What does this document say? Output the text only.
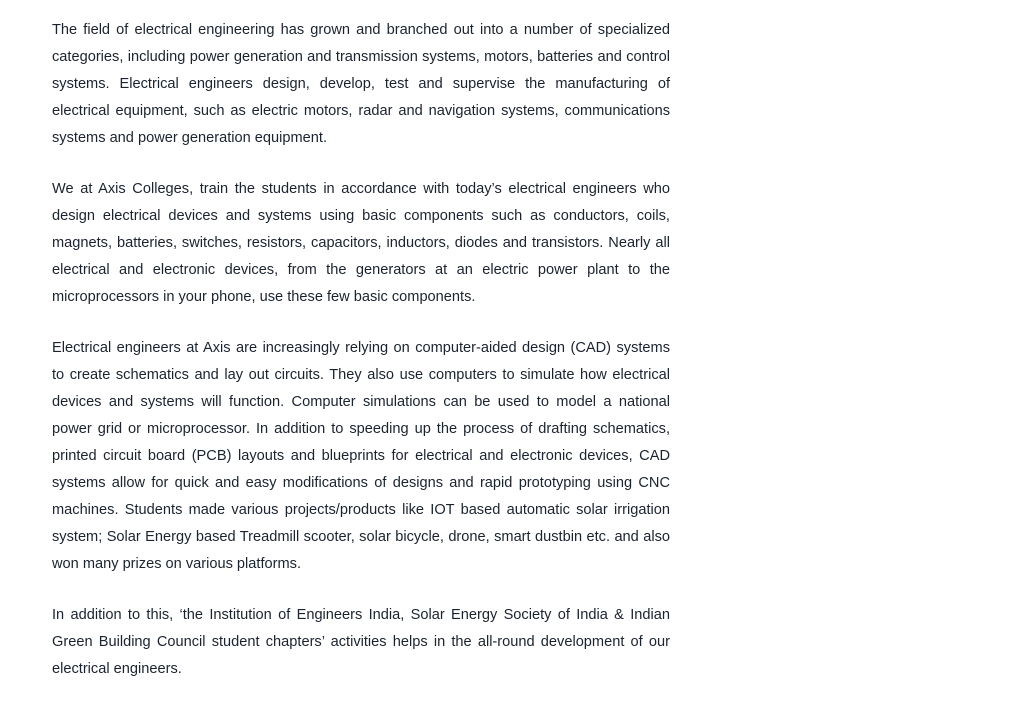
The field of electrical engineering has grown and branched out into a number of specialized categories, including power generation and transmission systems, motors, batteries and control systems. Electrical engineers design, develop, test and supervise the manufacturing of electrical equipment, such as electric motors, radar and navigation systems, communications systems and power generation equipment.

We at Axis Colleges, train the students in accordance with today’s electrical engineers who design electrical devices and systems using basic components such as conductors, coils, magnets, batteries, switches, resistors, capacitors, inductors, diodes and transistors. Nearly all electrical and electronic devices, from the generators at an electric power plant to the microprocessors in your phone, use these few basic components.

Electrical engineers at Axis are increasingly relying on computer-aided design (CAD) systems to create schematics and lay out circuits. They also use computers to simulate how electrical devices and systems will function. Computer simulations can be used to model a national power grid or microprocessor. In addition to speeding up the process of drafting schematics, printed circuit board (PCB) layouts and blueprints for electrical and electronic devices, CAD systems allow for quick and easy modifications of designs and rapid prototyping using CNC machines. Students made various projects/products like IOT based automatic solar irrigation system; Solar Energy based Treadmill scooter, solar bicycle, drone, smart dustbin etc. and also won many prizes on various platforms.

In addition to this, ‘the Institution of Engineers India, Solar Energy Society of India & Indian Green Building Council student chapters’ activities helps in the all-round development of our electrical engineers.
